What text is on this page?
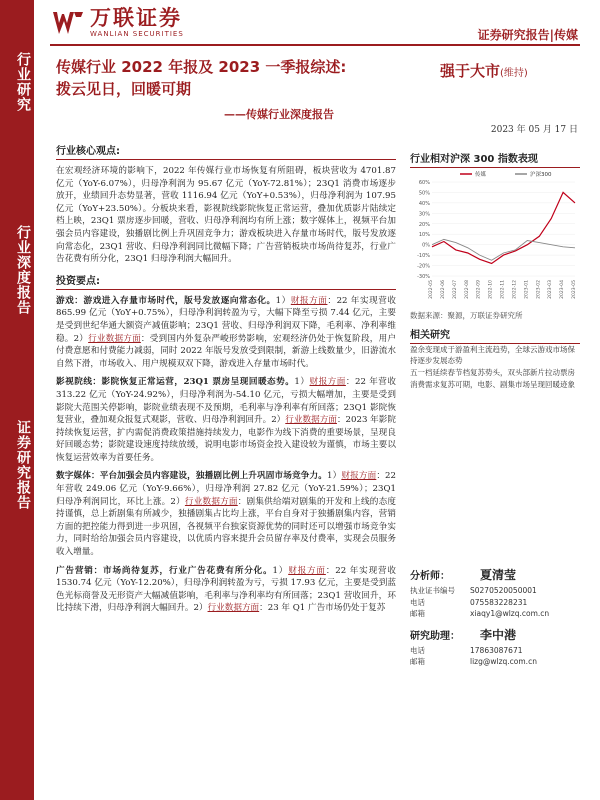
行业研究
行业深度报告
证券研究报告
万联证券
WANLIAN SECURITIES	证券研究报告|传媒
传媒行业 2022 年报及 2023 一季报综述:
拨云见日，回暖可期
——传媒行业深度报告
强于大市(维持)
2023 年 05 月 17 日
行业核心观点:
在宏观经济环境的影响下，2022 年传媒行业市场恢复有所阻碍，板块营收为 4701.87 亿元（YoY-6.07%），归母净利润为 95.67 亿元（YoY-72.81%）；23Q1 消费市场逐步放开，业绩回升态势显著，营收 1116.94 亿元（YoY+0.53%），归母净利润为 107.95 亿元（YoY+23.50%）。分板块来看，影视院线影院恢复正常运营，叠加优质影片陆续定档上映，23Q1 票房逐步回暖，营收、归母净利润均有所上涨；数字媒体上，视频平台加强会员内容建设，独播剧比例上升巩固竞争力；游戏板块进入存量市场时代，版号发放逐向常态化，23Q1 营收、归母净利润同比微幅下降；广告营销板块市场尚待复苏，行业广告花费有所分化，23Q1 归母净利润大幅回升。
投资要点:
游戏：游戏进入存量市场时代，版号发放逐向常态化。1）财报方面：22 年实现营收 865.99 亿元（YoY+0.75%），归母净利润转盈为亏，大幅下降至亏损 7.44 亿元，主要是受到世纪华通大额资产减值影响；23Q1 营收、归母净利润双下降，毛利率、净利率维稳。2）行业数据方面：受到国内外复杂严峻形势影响，宏观经济仍处于恢复阶段，用户付费意愿和付费能力减弱，同时 2022 年版号发放受到限制，新游上线数量少，旧游流水自然下滑，市场收入、用户规模双双下降，游戏进入存量市场时代。
影视院线：影院恢复正常运营，23Q1 票房呈现回暖态势。1）财报方面：22 年营收 313.22 亿元（YoY-24.92%），归母净利润为-54.10 亿元，亏损大幅增加，主要是受到影院大范围关停影响，影院业绩表现不及预期，毛利率与净利率有所回落；23Q1 影院恢复营业，叠加观众报复式观影，营收、归母净利润回升。2）行业数据方面：2023 年影院持续恢复运营，扩内需促消费政策措施持续发力，电影作为线下消费的重要场景，呈现良好回暖态势；影院建设速度持续放缓，说明电影市场资金投入建设较为谨慎，市场主要以恢复运营效率为首要任务。
数字媒体：平台加强会员内容建设，独播剧比例上升巩固市场竞争力。1）财报方面：22 年营收 249.06 亿元（YoY-9.66%），归母净利润 27.82 亿元（YoY-21.59%）；23Q1 归母净利润同比，环比上涨。2）行业数据方面：剧集供给端对剧集的开发和上线的态度持谨慎，总上新剧集有所减少，独播剧集占比均上涨，平台自身对于独播剧集内容，营销方面的把控能力得到进一步巩固，各视频平台独家资源优势的同时还可以增强市场竞争实力，同时给给加强会员内容建设，以优质内容来提升会员留存率及付费率，实现会员服务收入增量。
广告营销：市场尚待复苏，行业广告花费有所分化。1）财报方面：22 年实现营收 1530.74 亿元（YoY-12.20%），归母净利润转盈为亏，亏损 17.93 亿元，主要是受到蓝色光标商誉及无形资产大幅减值影响，毛利率与净利率均有所回落；23Q1 营收回升，环比持续下滑，归母净利润大幅回升。2）行业数据方面：23 年 Q1 广告市场仍处于复苏
行业相对沪深 300 指数表现
60%
50%
40%
30%
20%
10%
0%
-10%
-20%
-30%
2022-05 2022-06 2022-07 2022-08 2022-09 2022-10 2022-11 2022-12 2023-01 2023-02 2023-03 2023-04 2023-05
传媒	沪深300
数据来源：聚源，万联证券研究所
相关研究
盈余变现成于游盈利主流趋势，全球云游戏市场保持逐步发展态势
五一档延续春节档复苏势头，双头部新片拉动票房
消费需求复苏可期，电影、剧集市场呈现回暖迹象
分析师：	夏清莹
执业证书编号	S0270520050001
电话	075583228231
邮箱	xiaqy1@wlzq.com.cn
研究助理：	李中港
电话	17863087671
邮箱	lizg@wlzq.com.cn
